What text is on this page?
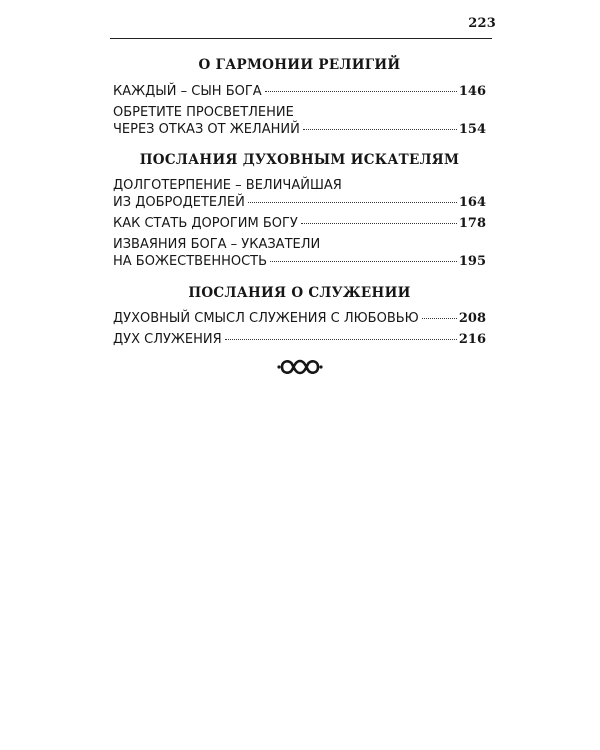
223
О ГАРМОНИИ РЕЛИГИЙ
КАЖДЫЙ – СЫН БОГА	146
ОБРЕТИТЕ ПРОСВЕТЛЕНИЕ
ЧЕРЕЗ ОТКАЗ ОТ ЖЕЛАНИЙ	154
ПОСЛАНИЯ ДУХОВНЫМ ИСКАТЕЛЯМ
ДОЛГОТЕРПЕНИЕ – ВЕЛИЧАЙШАЯ
ИЗ ДОБРОДЕТЕЛЕЙ	164
КАК СТАТЬ ДОРОГИМ БОГУ	178
ИЗВАЯНИЯ БОГА – УКАЗАТЕЛИ
НА БОЖЕСТВЕННОСТЬ	195
ПОСЛАНИЯ О СЛУЖЕНИИ
ДУХОВНЫЙ СМЫСЛ СЛУЖЕНИЯ С ЛЮБОВЬЮ	208
ДУХ СЛУЖЕНИЯ	216
